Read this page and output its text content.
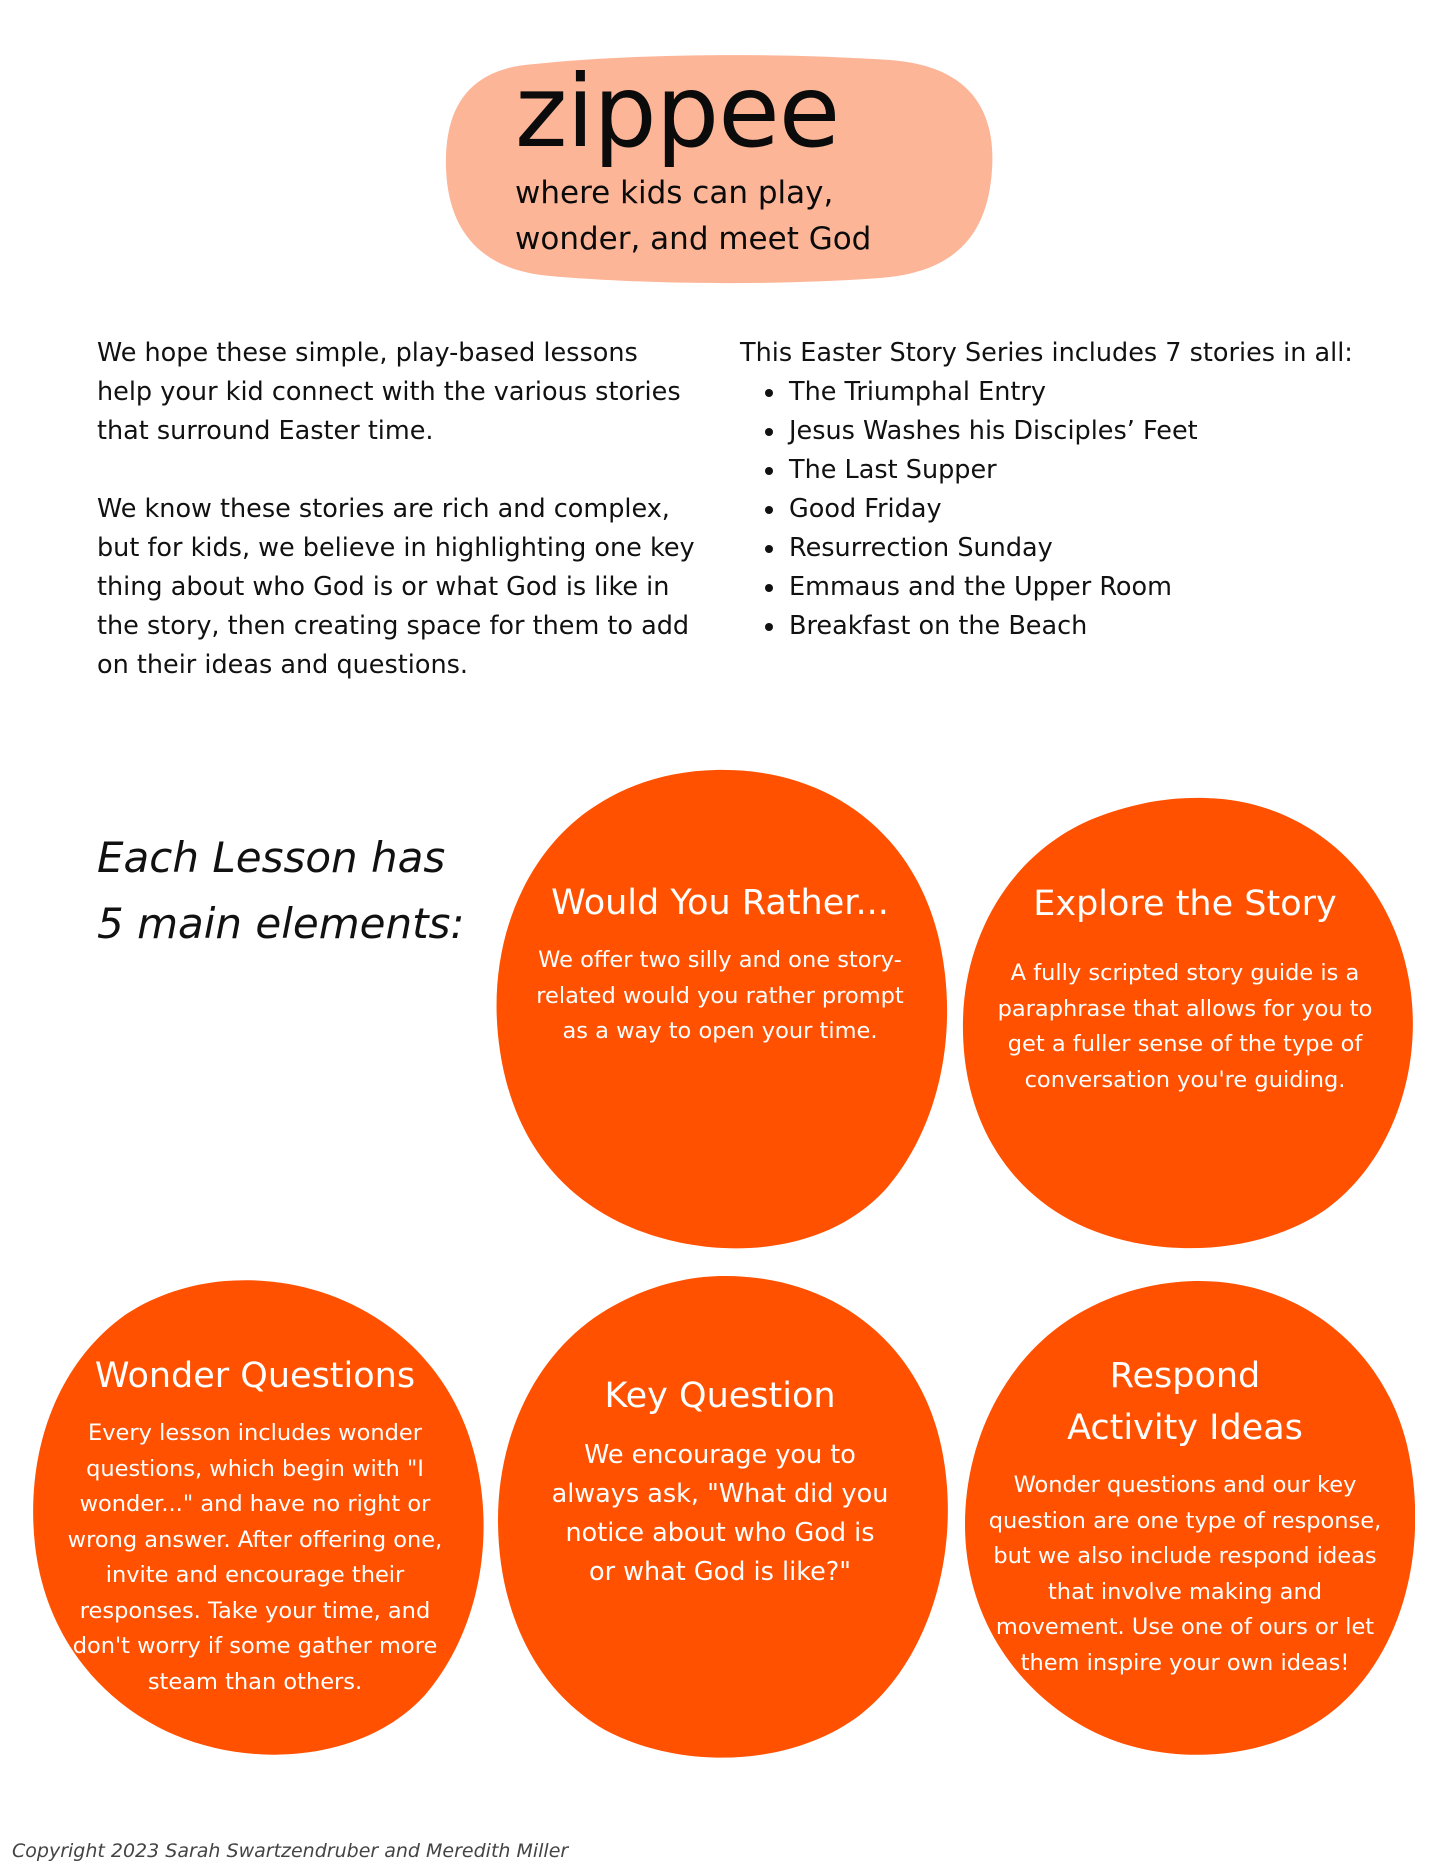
zippee
where kids can play,
wonder, and meet God

We hope these simple, play-based lessons help your kid connect with the various stories that surround Easter time.

We know these stories are rich and complex, but for kids, we believe in highlighting one key thing about who God is or what God is like in the story, then creating space for them to add on their ideas and questions.

This Easter Story Series includes 7 stories in all:
• The Triumphal Entry
• Jesus Washes his Disciples’ Feet
• The Last Supper
• Good Friday
• Resurrection Sunday
• Emmaus and the Upper Room
• Breakfast on the Beach
Each Lesson has
5 main elements:	Would You Rather...
We offer two silly and one story-related would you rather prompt as a way to open your time.
Explore the Story
A fully scripted story guide is a paraphrase that allows for you to get a fuller sense of the type of conversation you're guiding.
Wonder Questions
Every lesson includes wonder questions, which begin with "I wonder..." and have no right or wrong answer. After offering one, invite and encourage their responses. Take your time, and don't worry if some gather more steam than others.
Key Question
We encourage you to always ask, "What did you notice about who God is or what God is like?"
Respond
Activity Ideas
Wonder questions and our key question are one type of response, but we also include respond ideas that involve making and movement. Use one of ours or let them inspire your own ideas!
Copyright 2023 Sarah Swartzendruber and Meredith Miller
